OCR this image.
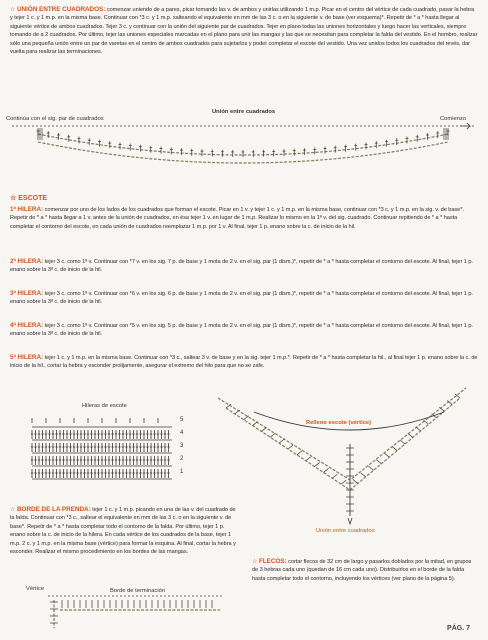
☆ UNIÓN ENTRE CUADRADOS: comenzar uniendo de a pares, picar tomando las v. de ambos y unirlas utilizando 1 m.p. Picar en el centro del vértice de cada cuadrado, pasar la hebra y tejer 1 c. y 1 m.p. en la misma base. Continuar con *3 c. y 1 m.p. salteando el equivalente en mm de las 3 c. o en la siguiente v. de base (ver esquema)*. Repetir de * a * hasta llegar al siguiente vértice de ambos cuadrados. Tejer 3 c. y continuar con la unión del siguiente par de cuadrados. Tejer en plano todas las uniones horizontales y luego hacer las verticales, siempre tomando de a 2 cuadrados. Por último, tejer las uniones especiales marcadas en el plano para unir las mangas y las que se necesitan para completar la falda del vestido. En el hombro, realizar sólo una pequeña unión entre un par de varetas en el centro de ambos cuadrados para sujetarlos y poder completar el escote del vestido. Una vez unidos todos los cuadrados del revés, dar vuelta para realizar las terminaciones.
Continúa con el sig. par de cuadrados
Unión entre cuadrados
Comienzo
☆ ESCOTE
1ª HILERA: comenzar por uno de los lados de los cuadrados que forman el escote. Picar en 1 v. y tejer 1 c. y 1 m.p. en la misma base, continuar con *3 c. y 1 m.p. en la sig. v. de base*. Repetir de * a * hasta llegar a 1 v. antes de la unión de cuadrados, en ésa tejer 1 v. en lugar de 1 m.p. Realizar lo mismo en la 1ª v. del sig. cuadrado. Continuar repitiendo de * a * hasta completar el contorno del escote, en cada unión de cuadrados reemplazar 1 m.p. por 1 v. Al final, tejer 1 p. enano sobre la c. de inicio de la hil.
2ª HILERA: tejer 3 c. como 1ª v. Continuar con *7 v. en los sig. 7 p. de base y 1 mota de 2 v. en el sig. par (1 dism.)*, repetir de * a * hasta completar el contorno del escote. Al final, tejer 1 p. enano sobre la 3ª c. de inicio de la hil.
3ª HILERA: tejer 3 c. como 1ª v. Continuar con *6 v. en los sig. 6 p. de base y 1 mota de 2 v. en el sig. par (1 dism.)*, repetir de * a * hasta completar el contorno del escote. Al final, tejer 1 p. enano sobre la 3ª c. de inicio de la hil.
4ª HILERA: tejer 3 c. como 1ª v. Continuar con *5 v. en los sig. 5 p. de base y 1 mota de 2 v. en el sig. par (1 dism.)*, repetir de * a * hasta completar el contorno del escote. Al final, tejer 1 p. enano sobre la 3ª c. de inicio de la hil.
5ª HILERA: tejer 1 c. y 1 m.p. en la misma base. Continuar con *3 c., saltear 3 v. de base y en la sig. tejer 1 m.p.*. Repetir de * a * hasta completar la hil., al final tejer 1 p. enano sobre la c. de inicio de la hil., cortar la hebra y esconder prolijamente, asegurar el extremo del hilo para que no se zafe.
Hileras de escote
5
4
3
2
1
Relleno escote (vértice)
Unión entre cuadrados
☆ BORDE DE LA PRENDA: tejer 1 c. y 1 m.p. picando en una de las v. del cuadrado de la falda. Continuar con *3 c., saltear el equivalente en mm de las 3 c. o en la siguiente v. de base*. Repetir de * a * hasta completar todo el contorno de la falda. Por último, tejer 1 p. enano sobre la c. de inicio de la hilera. En cada vértice de los cuadrados de la base, tejer 1 m.p. 2 c. y 1 m.p. en la misma base (vértice) para formar la esquina. Al final, cortar la hebra y esconder. Realizar el mismo procedimiento en los bordes de las mangas.
Vértice	Borde de terminación
☆ FLECOS: cortar flecos de 32 cm de largo y pasarlos doblados por la mitad, en grupos de 3 hebras cada uno (quedan de 16 cm cada uno). Distribuirlos en el borde de la falda hasta completar todo el contorno, incluyendo los vértices (ver plano de la página 5).
PÁG. 7
